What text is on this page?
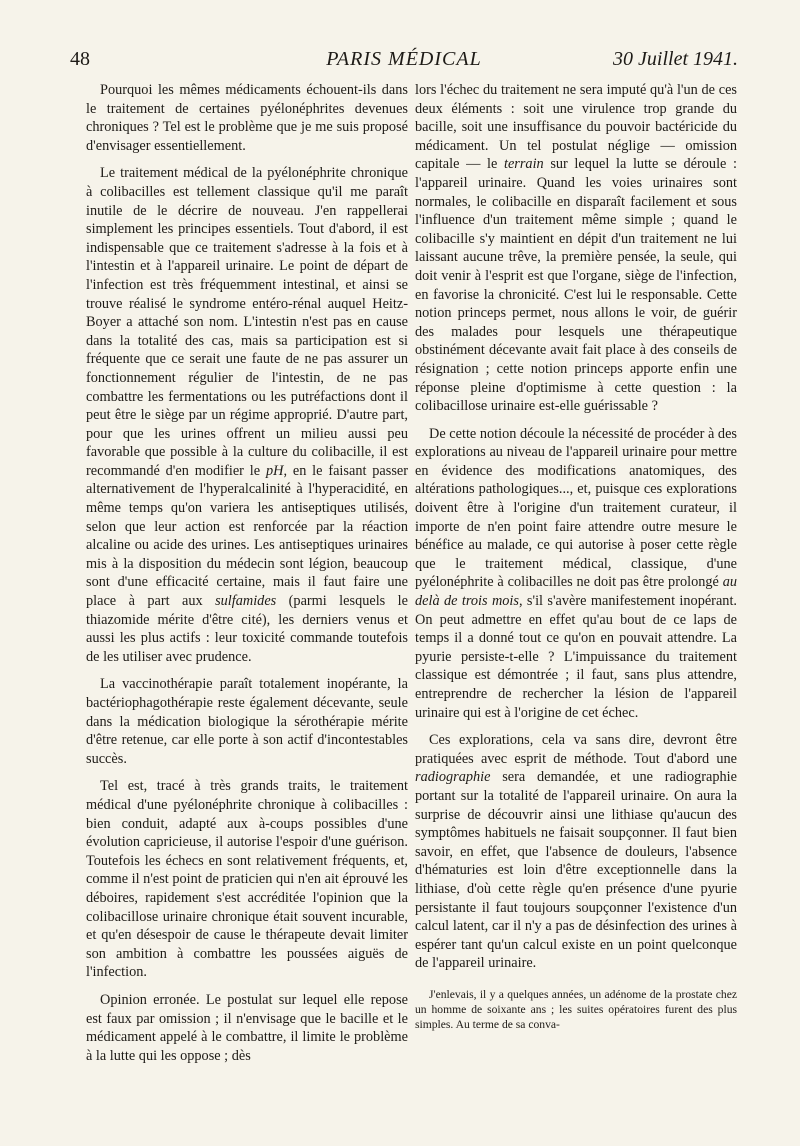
48	PARIS MÉDICAL	30 Juillet 1941.

Pourquoi les mêmes médicaments échouent-ils dans le traitement de certaines pyélonéphrites devenues chroniques ? Tel est le problème que je me suis proposé d'envisager essentiellement.

Le traitement médical de la pyélonéphrite chronique à colibacilles est tellement classique qu'il me paraît inutile de le décrire de nouveau. J'en rappellerai simplement les principes essentiels. Tout d'abord, il est indispensable que ce traitement s'adresse à la fois et à l'intestin et à l'appareil urinaire. Le point de départ de l'infection est très fréquemment intestinal, et ainsi se trouve réalisé le syndrome entéro-rénal auquel Heitz-Boyer a attaché son nom. L'intestin n'est pas en cause dans la totalité des cas, mais sa participation est si fréquente que ce serait une faute de ne pas assurer un fonctionnement régulier de l'intestin, de ne pas combattre les fermentations ou les putréfactions dont il peut être le siège par un régime approprié. D'autre part, pour que les urines offrent un milieu aussi peu favorable que possible à la culture du colibacille, il est recommandé d'en modifier le pH, en le faisant passer alternativement de l'hyperalcalinité à l'hyperacidité, en même temps qu'on variera les antiseptiques utilisés, selon que leur action est renforcée par la réaction alcaline ou acide des urines. Les antiseptiques urinaires mis à la disposition du médecin sont légion, beaucoup sont d'une efficacité certaine, mais il faut faire une place à part aux sulfamides (parmi lesquels le thiazomide mérite d'être cité), les derniers venus et aussi les plus actifs : leur toxicité commande toutefois de les utiliser avec prudence.

La vaccinothérapie paraît totalement inopérante, la bactériophagothérapie reste également décevante, seule dans la médication biologique la sérothérapie mérite d'être retenue, car elle porte à son actif d'incontestables succès.

Tel est, tracé à très grands traits, le traitement médical d'une pyélonéphrite chronique à colibacilles : bien conduit, adapté aux à-coups possibles d'une évolution capricieuse, il autorise l'espoir d'une guérison. Toutefois les échecs en sont relativement fréquents, et, comme il n'est point de praticien qui n'en ait éprouvé les déboires, rapidement s'est accréditée l'opinion que la colibacillose urinaire chronique était souvent incurable, et qu'en désespoir de cause le thérapeute devait limiter son ambition à combattre les poussées aiguës de l'infection.

Opinion erronée. Le postulat sur lequel elle repose est faux par omission ; il n'envisage que le bacille et le médicament appelé à le combattre, il limite le problème à la lutte qui les oppose ; dès

lors l'échec du traitement ne sera imputé qu'à l'un de ces deux éléments : soit une virulence trop grande du bacille, soit une insuffisance du pouvoir bactéricide du médicament. Un tel postulat néglige — omission capitale — le terrain sur lequel la lutte se déroule : l'appareil urinaire. Quand les voies urinaires sont normales, le colibacille en disparaît facilement et sous l'influence d'un traitement même simple ; quand le colibacille s'y maintient en dépit d'un traitement ne lui laissant aucune trêve, la première pensée, la seule, qui doit venir à l'esprit est que l'organe, siège de l'infection, en favorise la chronicité. C'est lui le responsable. Cette notion princeps permet, nous allons le voir, de guérir des malades pour lesquels une thérapeutique obstinément décevante avait fait place à des conseils de résignation ; cette notion princeps apporte enfin une réponse pleine d'optimisme à cette question : la colibacillose urinaire est-elle guérissable ?

De cette notion découle la nécessité de procéder à des explorations au niveau de l'appareil urinaire pour mettre en évidence des modifications anatomiques, des altérations pathologiques..., et, puisque ces explorations doivent être à l'origine d'un traitement curateur, il importe de n'en point faire attendre outre mesure le bénéfice au malade, ce qui autorise à poser cette règle que le traitement médical, classique, d'une pyélonéphrite à colibacilles ne doit pas être prolongé au delà de trois mois, s'il s'avère manifestement inopérant. On peut admettre en effet qu'au bout de ce laps de temps il a donné tout ce qu'on en pouvait attendre. La pyurie persiste-t-elle ? L'impuissance du traitement classique est démontrée ; il faut, sans plus attendre, entreprendre de rechercher la lésion de l'appareil urinaire qui est à l'origine de cet échec.

Ces explorations, cela va sans dire, devront être pratiquées avec esprit de méthode. Tout d'abord une radiographie sera demandée, et une radiographie portant sur la totalité de l'appareil urinaire. On aura la surprise de découvrir ainsi une lithiase qu'aucun des symptômes habituels ne faisait soupçonner. Il faut bien savoir, en effet, que l'absence de douleurs, l'absence d'hématuries est loin d'être exceptionnelle dans la lithiase, d'où cette règle qu'en présence d'une pyurie persistante il faut toujours soupçonner l'existence d'un calcul latent, car il n'y a pas de désinfection des urines à espérer tant qu'un calcul existe en un point quelconque de l'appareil urinaire.

J'enlevais, il y a quelques années, un adénome de la prostate chez un homme de soixante ans ; les suites opératoires furent des plus simples. Au terme de sa conva-
